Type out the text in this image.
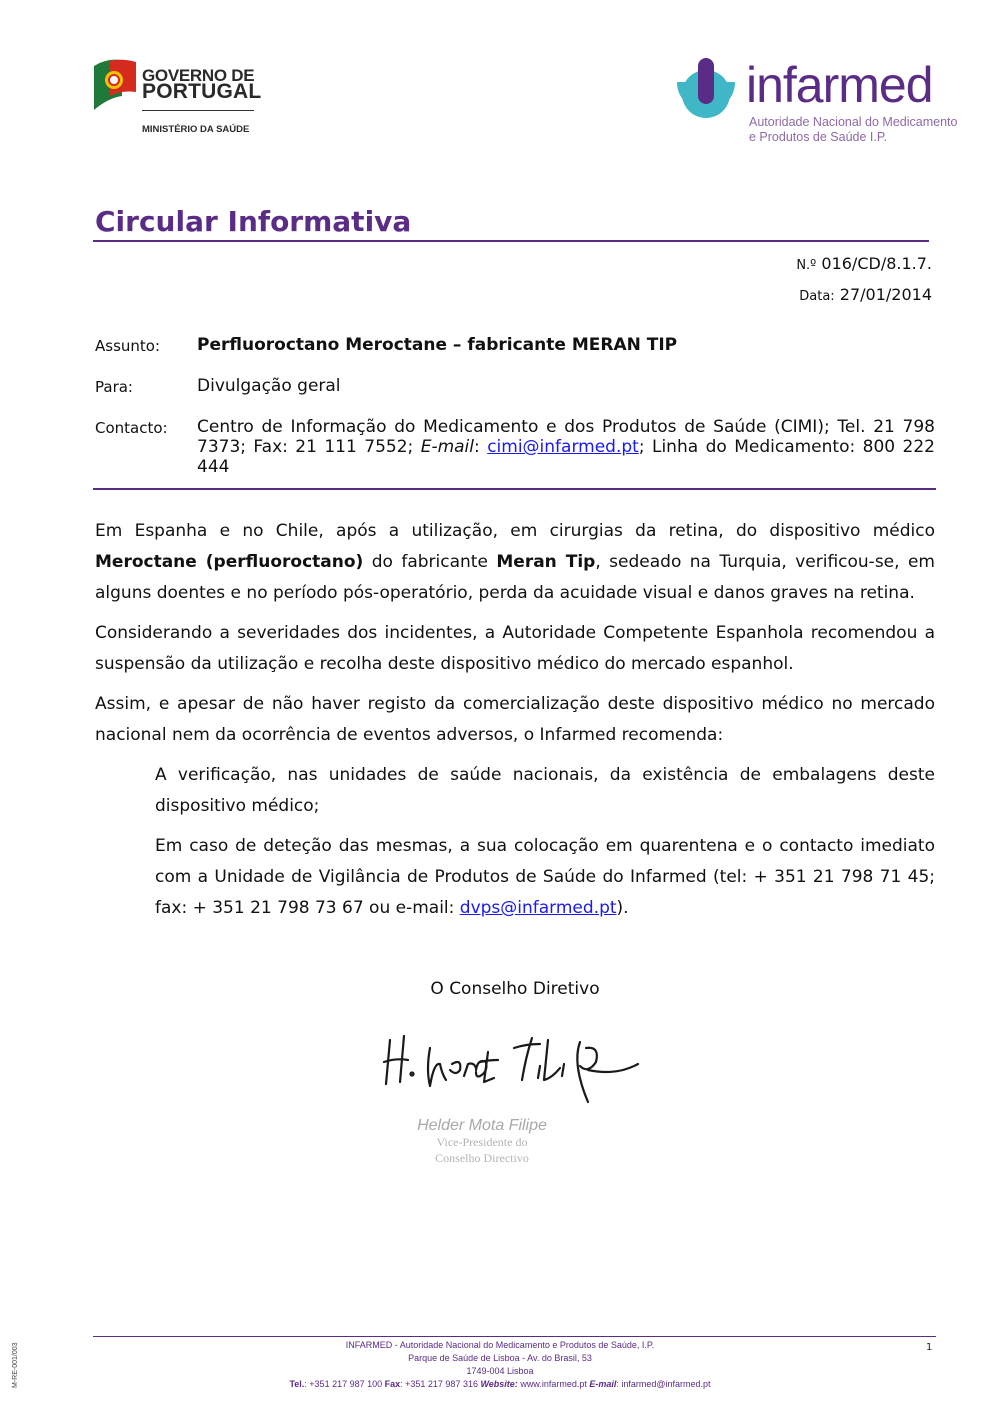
GOVERNO DE
PORTUGAL
MINISTÉRIO DA SAÚDE
infarmed
Autoridade Nacional do Medicamento
e Produtos de Saúde I.P.
Circular Informativa
N.º 016/CD/8.1.7.
Data: 27/01/2014
Assunto: Perfluoroctano Meroctane – fabricante MERAN TIP
Para:	Divulgação geral
Contacto: Centro de Informação do Medicamento e dos Produtos de Saúde (CIMI); Tel. 21 798 7373; Fax: 21 111 7552; E-mail: cimi@infarmed.pt; Linha do Medicamento: 800 222 444
Em Espanha e no Chile, após a utilização, em cirurgias da retina, do dispositivo médico Meroctane (perfluoroctano) do fabricante Meran Tip, sedeado na Turquia, verificou-se, em alguns doentes e no período pós-operatório, perda da acuidade visual e danos graves na retina.
Considerando a severidades dos incidentes, a Autoridade Competente Espanhola recomendou a suspensão da utilização e recolha deste dispositivo médico do mercado espanhol.
Assim, e apesar de não haver registo da comercialização deste dispositivo médico no mercado nacional nem da ocorrência de eventos adversos, o Infarmed recomenda:
A verificação, nas unidades de saúde nacionais, da existência de embalagens deste dispositivo médico;
Em caso de deteção das mesmas, a sua colocação em quarentena e o contacto imediato com a Unidade de Vigilância de Produtos de Saúde do Infarmed (tel: + 351 21 798 71 45; fax: + 351 21 798 73 67 ou e-mail: dvps@infarmed.pt).
O Conselho Diretivo
Helder Mota Filipe
Vice-Presidente do
Conselho Directivo
INFARMED - Autoridade Nacional do Medicamento e Produtos de Saúde, I.P.
Parque de Saúde de Lisboa - Av. do Brasil, 53
1749-004 Lisboa
Tel.: +351 217 987 100 Fax: +351 217 987 316 Website: www.infarmed.pt E-mail: infarmed@infarmed.pt
1
M-RE-001/003
